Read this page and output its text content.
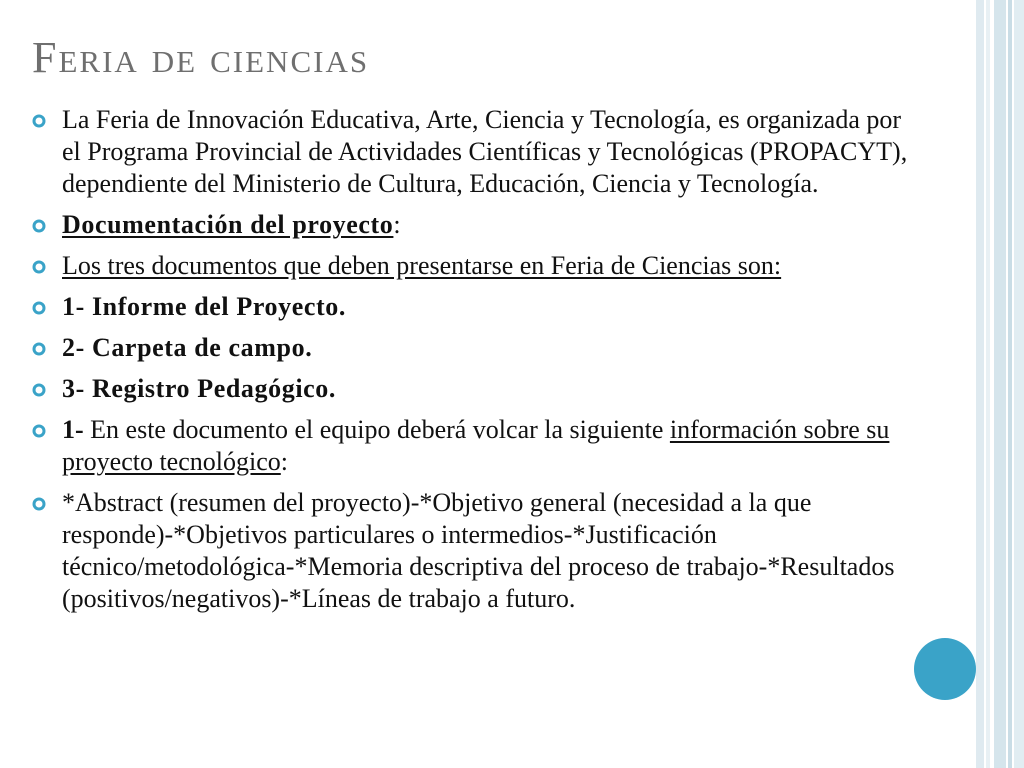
Feria de ciencias
La Feria de Innovación Educativa, Arte, Ciencia y Tecnología, es organizada por el Programa Provincial de Actividades Científicas y Tecnológicas (PROPACYT), dependiente del Ministerio de Cultura, Educación, Ciencia y Tecnología.
Documentación del proyecto:
Los tres documentos que deben presentarse en Feria de Ciencias son:
1- Informe del Proyecto.
2- Carpeta de campo.
3- Registro Pedagógico.
1- En este documento el equipo deberá volcar la siguiente información sobre su proyecto tecnológico:
*Abstract (resumen del proyecto)-*Objetivo general (necesidad a la que responde)-*Objetivos particulares o intermedios-*Justificación técnico/metodológica-*Memoria descriptiva del proceso de trabajo-*Resultados (positivos/negativos)-*Líneas de trabajo a futuro.
